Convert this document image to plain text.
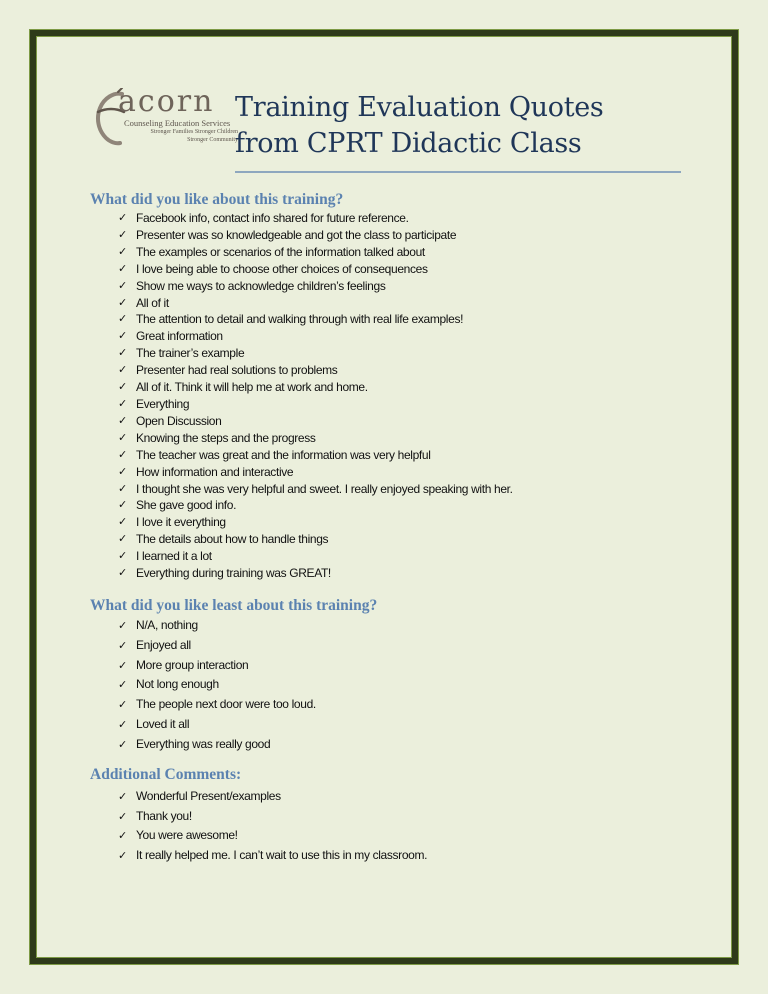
acorn
Counseling Education Services
Stronger Families Stronger Children
Stronger Community
Training Evaluation Quotes
from CPRT Didactic Class
What did you like about this training?
✓ Facebook info, contact info shared for future reference.
✓ Presenter was so knowledgeable and got the class to participate
✓ The examples or scenarios of the information talked about
✓ I love being able to choose other choices of consequences
✓ Show me ways to acknowledge children’s feelings
✓ All of it
✓ The attention to detail and walking through with real life examples!
✓ Great information
✓ The trainer’s example
✓ Presenter had real solutions to problems
✓ All of it. Think it will help me at work and home.
✓ Everything
✓ Open Discussion
✓ Knowing the steps and the progress
✓ The teacher was great and the information was very helpful
✓ How information and interactive
✓ I thought she was very helpful and sweet. I really enjoyed speaking with her.
✓ She gave good info.
✓ I love it everything
✓ The details about how to handle things
✓ I learned it a lot
✓ Everything during training was GREAT!
What did you like least about this training?
✓ N/A, nothing
✓ Enjoyed all
✓ More group interaction
✓ Not long enough
✓ The people next door were too loud.
✓ Loved it all
✓ Everything was really good
Additional Comments:
✓ Wonderful Present/examples
✓ Thank you!
✓ You were awesome!
✓ It really helped me. I can’t wait to use this in my classroom.
